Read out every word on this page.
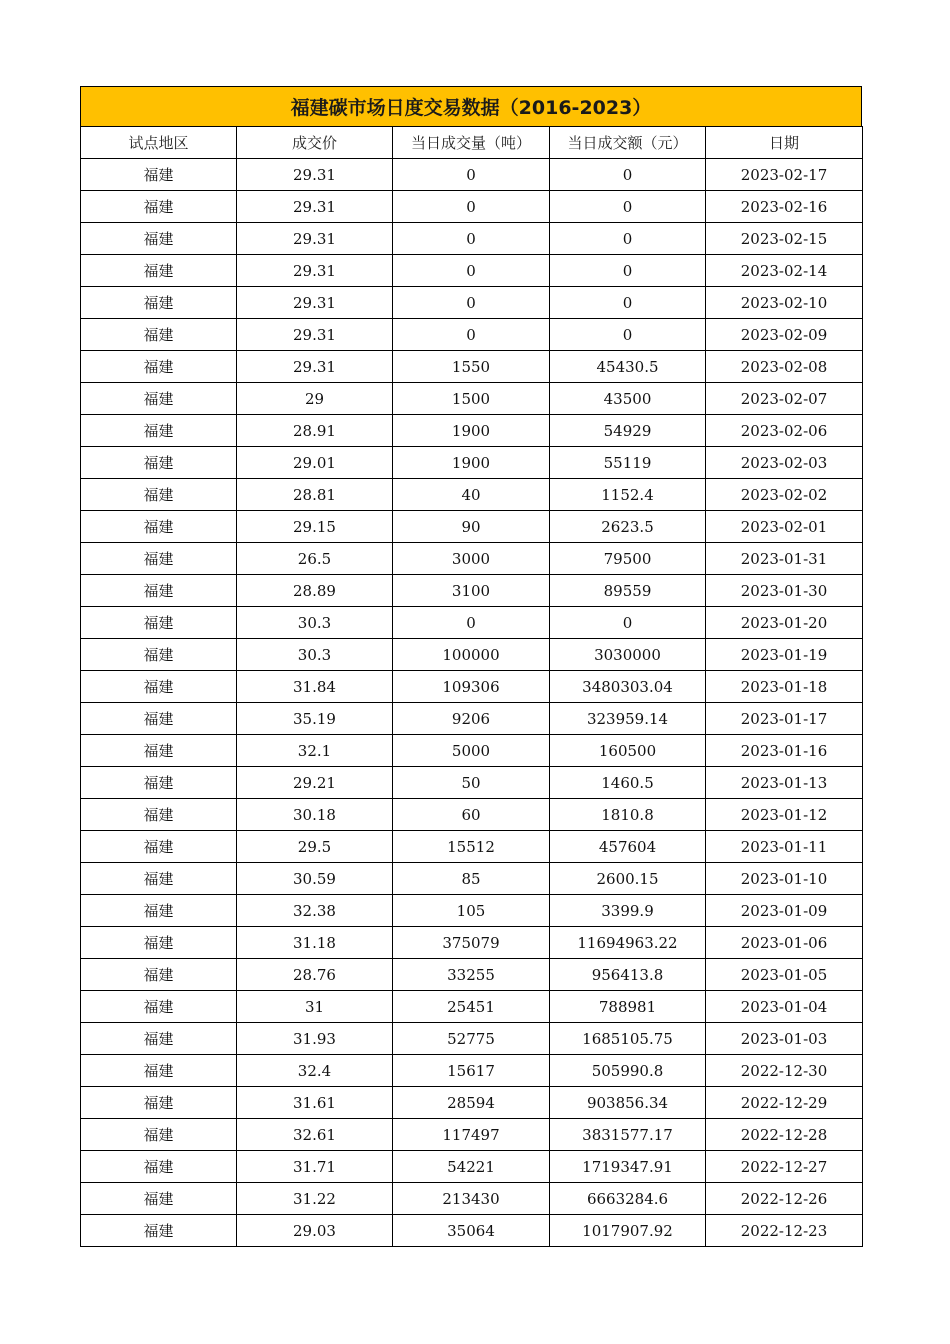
福建碳市场日度交易数据（2016-2023）
试点地区	成交价	当日成交量（吨）	当日成交额（元）	日期
福建	29.31	0	0	2023-02-17
福建	29.31	0	0	2023-02-16
福建	29.31	0	0	2023-02-15
福建	29.31	0	0	2023-02-14
福建	29.31	0	0	2023-02-10
福建	29.31	0	0	2023-02-09
福建	29.31	1550	45430.5	2023-02-08
福建	29	1500	43500	2023-02-07
福建	28.91	1900	54929	2023-02-06
福建	29.01	1900	55119	2023-02-03
福建	28.81	40	1152.4	2023-02-02
福建	29.15	90	2623.5	2023-02-01
福建	26.5	3000	79500	2023-01-31
福建	28.89	3100	89559	2023-01-30
福建	30.3	0	0	2023-01-20
福建	30.3	100000	3030000	2023-01-19
福建	31.84	109306	3480303.04	2023-01-18
福建	35.19	9206	323959.14	2023-01-17
福建	32.1	5000	160500	2023-01-16
福建	29.21	50	1460.5	2023-01-13
福建	30.18	60	1810.8	2023-01-12
福建	29.5	15512	457604	2023-01-11
福建	30.59	85	2600.15	2023-01-10
福建	32.38	105	3399.9	2023-01-09
福建	31.18	375079	11694963.22	2023-01-06
福建	28.76	33255	956413.8	2023-01-05
福建	31	25451	788981	2023-01-04
福建	31.93	52775	1685105.75	2023-01-03
福建	32.4	15617	505990.8	2022-12-30
福建	31.61	28594	903856.34	2022-12-29
福建	32.61	117497	3831577.17	2022-12-28
福建	31.71	54221	1719347.91	2022-12-27
福建	31.22	213430	6663284.6	2022-12-26
福建	29.03	35064	1017907.92	2022-12-23
